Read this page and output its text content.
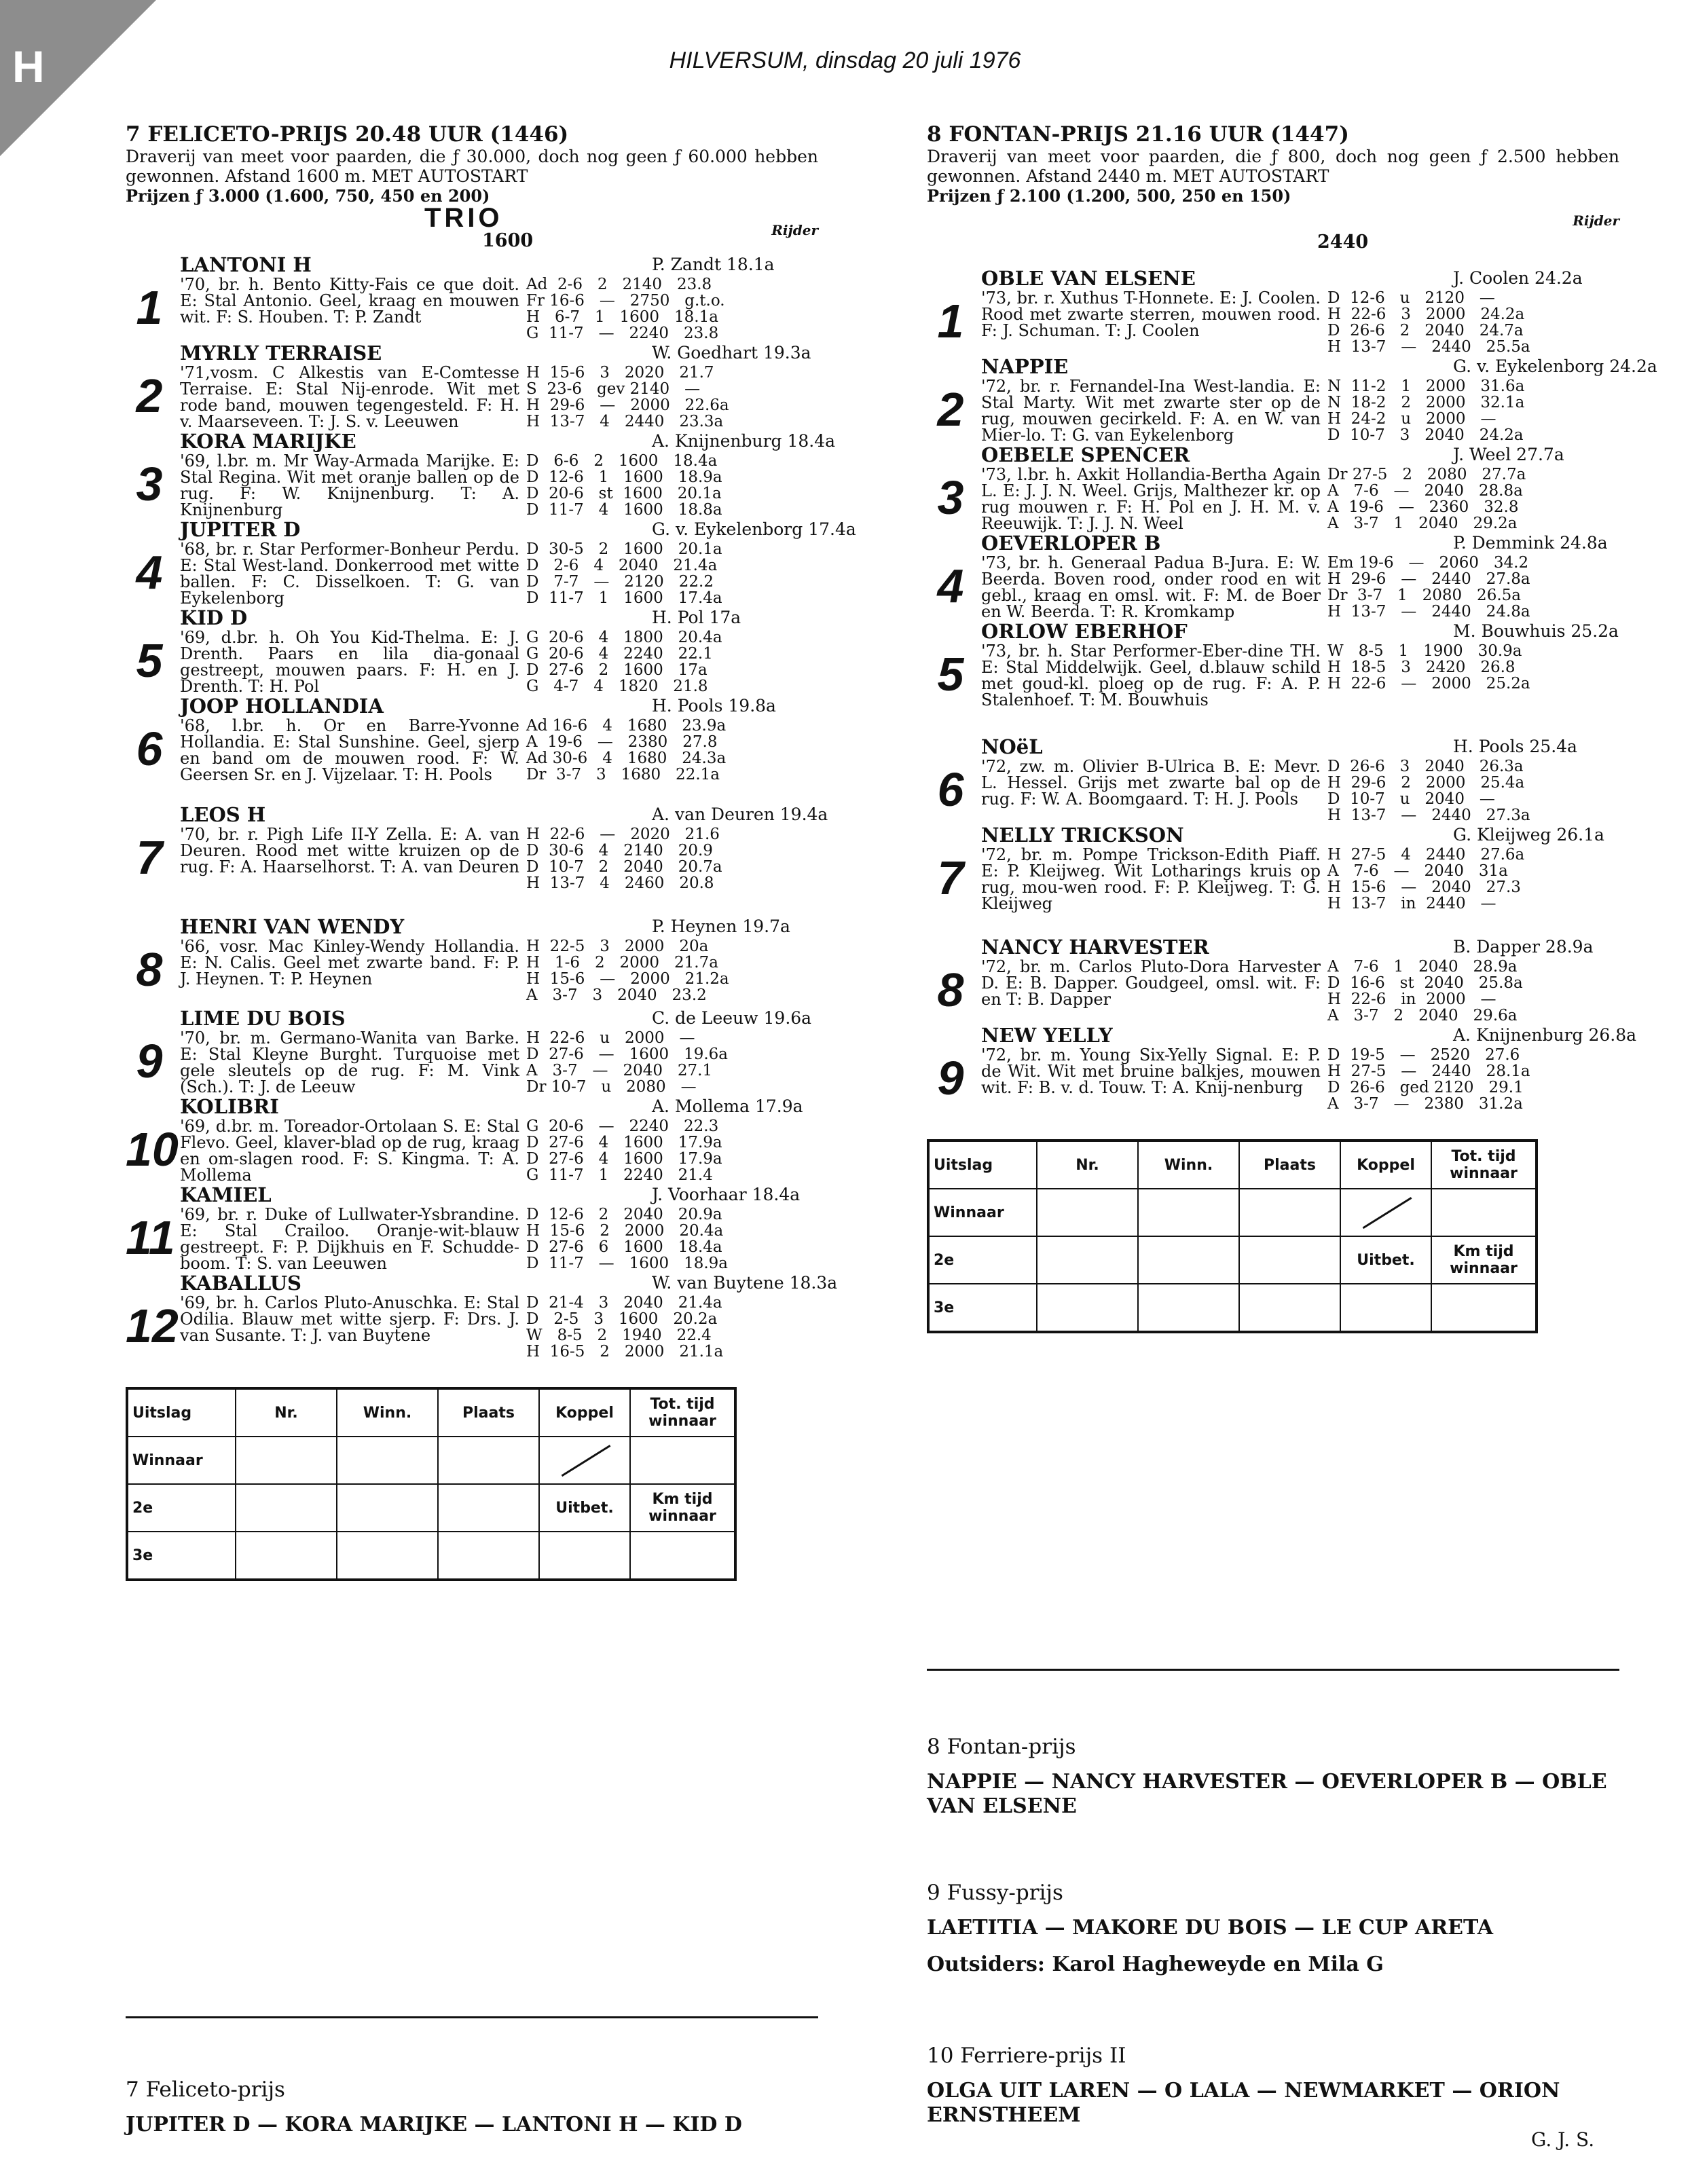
H	HILVERSUM, dinsdag 20 juli 1976
7 FELICETO-PRIJS 20.48 UUR (1446)
Draverij van meet voor paarden, die ƒ 30.000, doch nog geen ƒ 60.000 hebben gewonnen. Afstand 1600 m. MET AUTOSTART
Prijzen ƒ 3.000 (1.600, 750, 450 en 200)
TRIO
1600	Rijder
1
LANTONI H	P. Zandt 18.1a
'70, br. h. Bento Kitty-Fais ce que doit. E: Stal Antonio. Geel, kraag en mouwen wit. F: S. Houben. T: P. Zandt
Ad  2-6   2   2140   23.8
Fr 16-6   —   2750   g.t.o.
H   6-7   1   1600   18.1a
G  11-7   —   2240   23.8
2
MYRLY TERRAISE	W. Goedhart 19.3a
'71,vosm. C Alkestis van E-Comtesse Terraise. E: Stal Nij-enrode. Wit met rode band, mouwen tegengesteld. F: H. v. Maarseveen. T: J. S. v. Leeuwen
H  15-6   3   2020   21.7
S  23-6   gev 2140   —
H  29-6   —   2000   22.6a
H  13-7   4   2440   23.3a
3
KORA MARIJKE	A. Knijnenburg 18.4a
'69, l.br. m. Mr Way-Armada Marijke. E: Stal Regina. Wit met oranje ballen op de rug. F: W. Knijnenburg. T: A. Knijnenburg
D   6-6   2   1600   18.4a
D  12-6   1   1600   18.9a
D  20-6   st  1600   20.1a
D  11-7   4   1600   18.8a
4
JUPITER D	G. v. Eykelenborg 17.4a
'68, br. r. Star Performer-Bonheur Perdu. E: Stal West-land. Donkerrood met witte ballen. F: C. Disselkoen. T: G. van Eykelenborg
D  30-5   2   1600   20.1a
D   2-6   4   2040   21.4a
D   7-7   —   2120   22.2
D  11-7   1   1600   17.4a
5
KID D	H. Pol 17a
'69, d.br. h. Oh You Kid-Thelma. E: J. Drenth. Paars en lila dia-gonaal gestreept, mouwen paars. F: H. en J. Drenth. T: H. Pol
G  20-6   4   1800   20.4a
G  20-6   4   2240   22.1
D  27-6   2   1600   17a
G   4-7   4   1820   21.8
6
JOOP HOLLANDIA	H. Pools 19.8a
'68, l.br. h. Or en Barre-Yvonne Hollandia. E: Stal Sunshine. Geel, sjerp en band om de mouwen rood. F: W. Geersen Sr. en J. Vijzelaar. T: H. Pools
Ad 16-6   4   1680   23.9a
A  19-6   —   2380   27.8
Ad 30-6   4   1680   24.3a
Dr  3-7   3   1680   22.1a
7
LEOS H	A. van Deuren 19.4a
'70, br. r. Pigh Life II-Y Zella. E: A. van Deuren. Rood met witte kruizen op de rug. F: A. Haarselhorst. T: A. van Deuren
H  22-6   —   2020   21.6
D  30-6   4   2140   20.9
D  10-7   2   2040   20.7a
H  13-7   4   2460   20.8
8
HENRI VAN WENDY	P. Heynen 19.7a
'66, vosr. Mac Kinley-Wendy Hollandia. E: N. Calis. Geel met zwarte band. F: P. J. Heynen. T: P. Heynen
H  22-5   3   2000   20a
H   1-6   2   2000   21.7a
H  15-6   —   2000   21.2a
A   3-7   3   2040   23.2
9
LIME DU BOIS	C. de Leeuw 19.6a
'70, br. m. Germano-Wanita van Barke. E: Stal Kleyne Burght. Turquoise met gele sleutels op de rug. F: M. Vink (Sch.). T: J. de Leeuw
H  22-6   u   2000   —
D  27-6   —   1600   19.6a
A   3-7   —   2040   27.1
Dr 10-7   u   2080   —
10
KOLIBRI	A. Mollema 17.9a
'69, d.br. m. Toreador-Ortolaan S. E: Stal Flevo. Geel, klaver-blad op de rug, kraag en om-slagen rood. F: S. Kingma. T: A. Mollema
G  20-6   —   2240   22.3
D  27-6   4   1600   17.9a
D  27-6   4   1600   17.9a
G  11-7   1   2240   21.4
11
KAMIEL	J. Voorhaar 18.4a
'69, br. r. Duke of Lullwater-Ysbrandine. E: Stal Crailoo. Oranje-wit-blauw gestreept. F: P. Dijkhuis en F. Schudde-boom. T: S. van Leeuwen
D  12-6   2   2040   20.9a
H  15-6   2   2000   20.4a
D  27-6   6   1600   18.4a
D  11-7   —   1600   18.9a
12
KABALLUS	W. van Buytene 18.3a
'69, br. h. Carlos Pluto-Anuschka. E: Stal Odilia. Blauw met witte sjerp. F: Drs. J. van Susante. T: J. van Buytene
D  21-4   3   2040   21.4a
D   2-5   3   1600   20.2a
W   8-5   2   1940   22.4
H  16-5   2   2000   21.1a
Uitslag	Nr.	Winn.	Plaats	Koppel	Tot. tijd winnaar
Winnaar					
2e				Uitbet.	Km tijd winnaar
3e					
8 FONTAN-PRIJS 21.16 UUR (1447)
Draverij van meet voor paarden, die ƒ 800, doch nog geen ƒ 2.500 hebben gewonnen. Afstand 2440 m. MET AUTOSTART
Prijzen ƒ 2.100 (1.200, 500, 250 en 150)
2440
Rijder
1
OBLE VAN ELSENE	J. Coolen 24.2a
'73, br. r. Xuthus T-Honnete. E: J. Coolen. Rood met zwarte sterren, mouwen rood. F: J. Schuman. T: J. Coolen
D  12-6   u   2120   —
H  22-6   3   2000   24.2a
D  26-6   2   2040   24.7a
H  13-7   —   2440   25.5a
2
NAPPIE	G. v. Eykelenborg 24.2a
'72, br. r. Fernandel-Ina West-landia. E: Stal Marty. Wit met zwarte ster op de rug, mouwen gecirkeld. F: A. en W. van Mier-lo. T: G. van Eykelenborg
N  11-2   1   2000   31.6a
N  18-2   2   2000   32.1a
H  24-2   u   2000   —
D  10-7   3   2040   24.2a
3
OEBELE SPENCER	J. Weel 27.7a
'73, l.br. h. Axkit Hollandia-Bertha Again L. E: J. J. N. Weel. Grijs, Malthezer kr. op rug mouwen r. F: H. Pol en J. H. M. v. Reeuwijk. T: J. J. N. Weel
Dr 27-5   2   2080   27.7a
A   7-6   —   2040   28.8a
A  19-6   —   2360   32.8
A   3-7   1   2040   29.2a
4
OEVERLOPER B	P. Demmink 24.8a
'73, br. h. Generaal Padua B-Jura. E: W. Beerda. Boven rood, onder rood en wit gebl., kraag en omsl. wit. F: M. de Boer en W. Beerda. T: R. Kromkamp
Em 19-6   —   2060   34.2
H  29-6   —   2440   27.8a
Dr  3-7   1   2080   26.5a
H  13-7   —   2440   24.8a
5
ORLOW EBERHOF	M. Bouwhuis 25.2a
'73, br. h. Star Performer-Eber-dine TH. E: Stal Middelwijk. Geel, d.blauw schild met goud-kl. ploeg op de rug. F: A. P. Stalenhoef. T: M. Bouwhuis
W   8-5   1   1900   30.9a
H  18-5   3   2420   26.8
H  22-6   —   2000   25.2a
6
NOëL	H. Pools 25.4a
'72, zw. m. Olivier B-Ulrica B. E: Mevr. L. Hessel. Grijs met zwarte bal op de rug. F: W. A. Boomgaard. T: H. J. Pools
D  26-6   3   2040   26.3a
H  29-6   2   2000   25.4a
D  10-7   u   2040   —
H  13-7   —   2440   27.3a
7
NELLY TRICKSON	G. Kleijweg 26.1a
'72, br. m. Pompe Trickson-Edith Piaff. E: P. Kleijweg. Wit Lotharings kruis op rug, mou-wen rood. F: P. Kleijweg. T: G. Kleijweg
H  27-5   4   2440   27.6a
A   7-6   —   2040   31a
H  15-6   —   2040   27.3
H  13-7   in  2440   —
8
NANCY HARVESTER	B. Dapper 28.9a
'72, br. m. Carlos Pluto-Dora Harvester D. E: B. Dapper. Goudgeel, omsl. wit. F: en T: B. Dapper
A   7-6   1   2040   28.9a
D  16-6   st  2040   25.8a
H  22-6   in  2000   —
A   3-7   2   2040   29.6a
9
NEW YELLY	A. Knijnenburg 26.8a
'72, br. m. Young Six-Yelly Signal. E: P. de Wit. Wit met bruine balkjes, mouwen wit. F: B. v. d. Touw. T: A. Knij-nenburg
D  19-5   —   2520   27.6
H  27-5   —   2440   28.1a
D  26-6   ged 2120   29.1
A   3-7   —   2380   31.2a
Uitslag	Nr.	Winn.	Plaats	Koppel	Tot. tijd winnaar
Winnaar					
2e				Uitbet.	Km tijd winnaar
3e					
7 Feliceto-prijs
JUPITER D — KORA MARIJKE — LANTONI H — KID D
8 Fontan-prijs
NAPPIE — NANCY HARVESTER — OEVERLOPER B — OBLE VAN ELSENE
9 Fussy-prijs
LAETITIA — MAKORE DU BOIS — LE CUP ARETA
Outsiders: Karol Hagheweyde en Mila G
10 Ferriere-prijs II
OLGA UIT LAREN — O LALA — NEWMARKET — ORION ERNSTHEEM
G. J. S.
